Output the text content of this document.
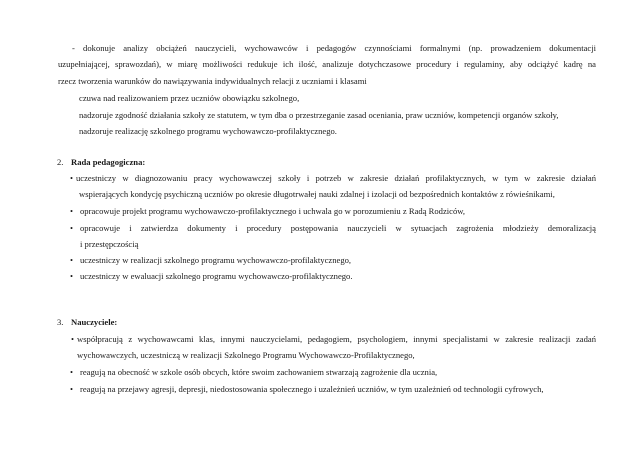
- dokonuje analizy obciążeń nauczycieli, wychowawców i pedagogów czynnościami formalnymi (np. prowadzeniem dokumentacji
uzupełniającej, sprawozdań), w miarę możliwości redukuje ich ilość, analizuje dotychczasowe procedury i regulaminy, aby odciążyć kadrę na
rzecz tworzenia warunków do nawiązywania indywidualnych relacji z uczniami i klasami
czuwa nad realizowaniem przez uczniów obowiązku szkolnego,
nadzoruje zgodność działania szkoły ze statutem, w tym dba o przestrzeganie zasad oceniania, praw uczniów, kompetencji organów szkoły,
nadzoruje realizację szkolnego programu wychowawczo-profilaktycznego.
2. Rada pedagogiczna:
•
uczestniczy w diagnozowaniu pracy wychowawczej szkoły i potrzeb w zakresie działań profilaktycznych, w tym w zakresie działań
wspierających kondycję psychiczną uczniów po okresie długotrwałej nauki zdalnej i izolacji od bezpośrednich kontaktów z rówieśnikami,
•
opracowuje projekt programu wychowawczo-profilaktycznego i uchwala go w porozumieniu z Radą Rodziców,
•
opracowuje i zatwierdza dokumenty i procedury postępowania nauczycieli w sytuacjach zagrożenia młodzieży demoralizacją
i przestępczością
•
uczestniczy w realizacji szkolnego programu wychowawczo-profilaktycznego,
•
uczestniczy w ewaluacji szkolnego programu wychowawczo-profilaktycznego.
3. Nauczyciele:
•
współpracują z wychowawcami klas, innymi nauczycielami, pedagogiem, psychologiem, innymi specjalistami w zakresie realizacji zadań
wychowawczych, uczestniczą w realizacji Szkolnego Programu Wychowawczo-Profilaktycznego,
•
reagują na obecność w szkole osób obcych, które swoim zachowaniem stwarzają zagrożenie dla ucznia,
•
reagują na przejawy agresji, depresji, niedostosowania społecznego i uzależnień uczniów, w tym uzależnień od technologii cyfrowych,
